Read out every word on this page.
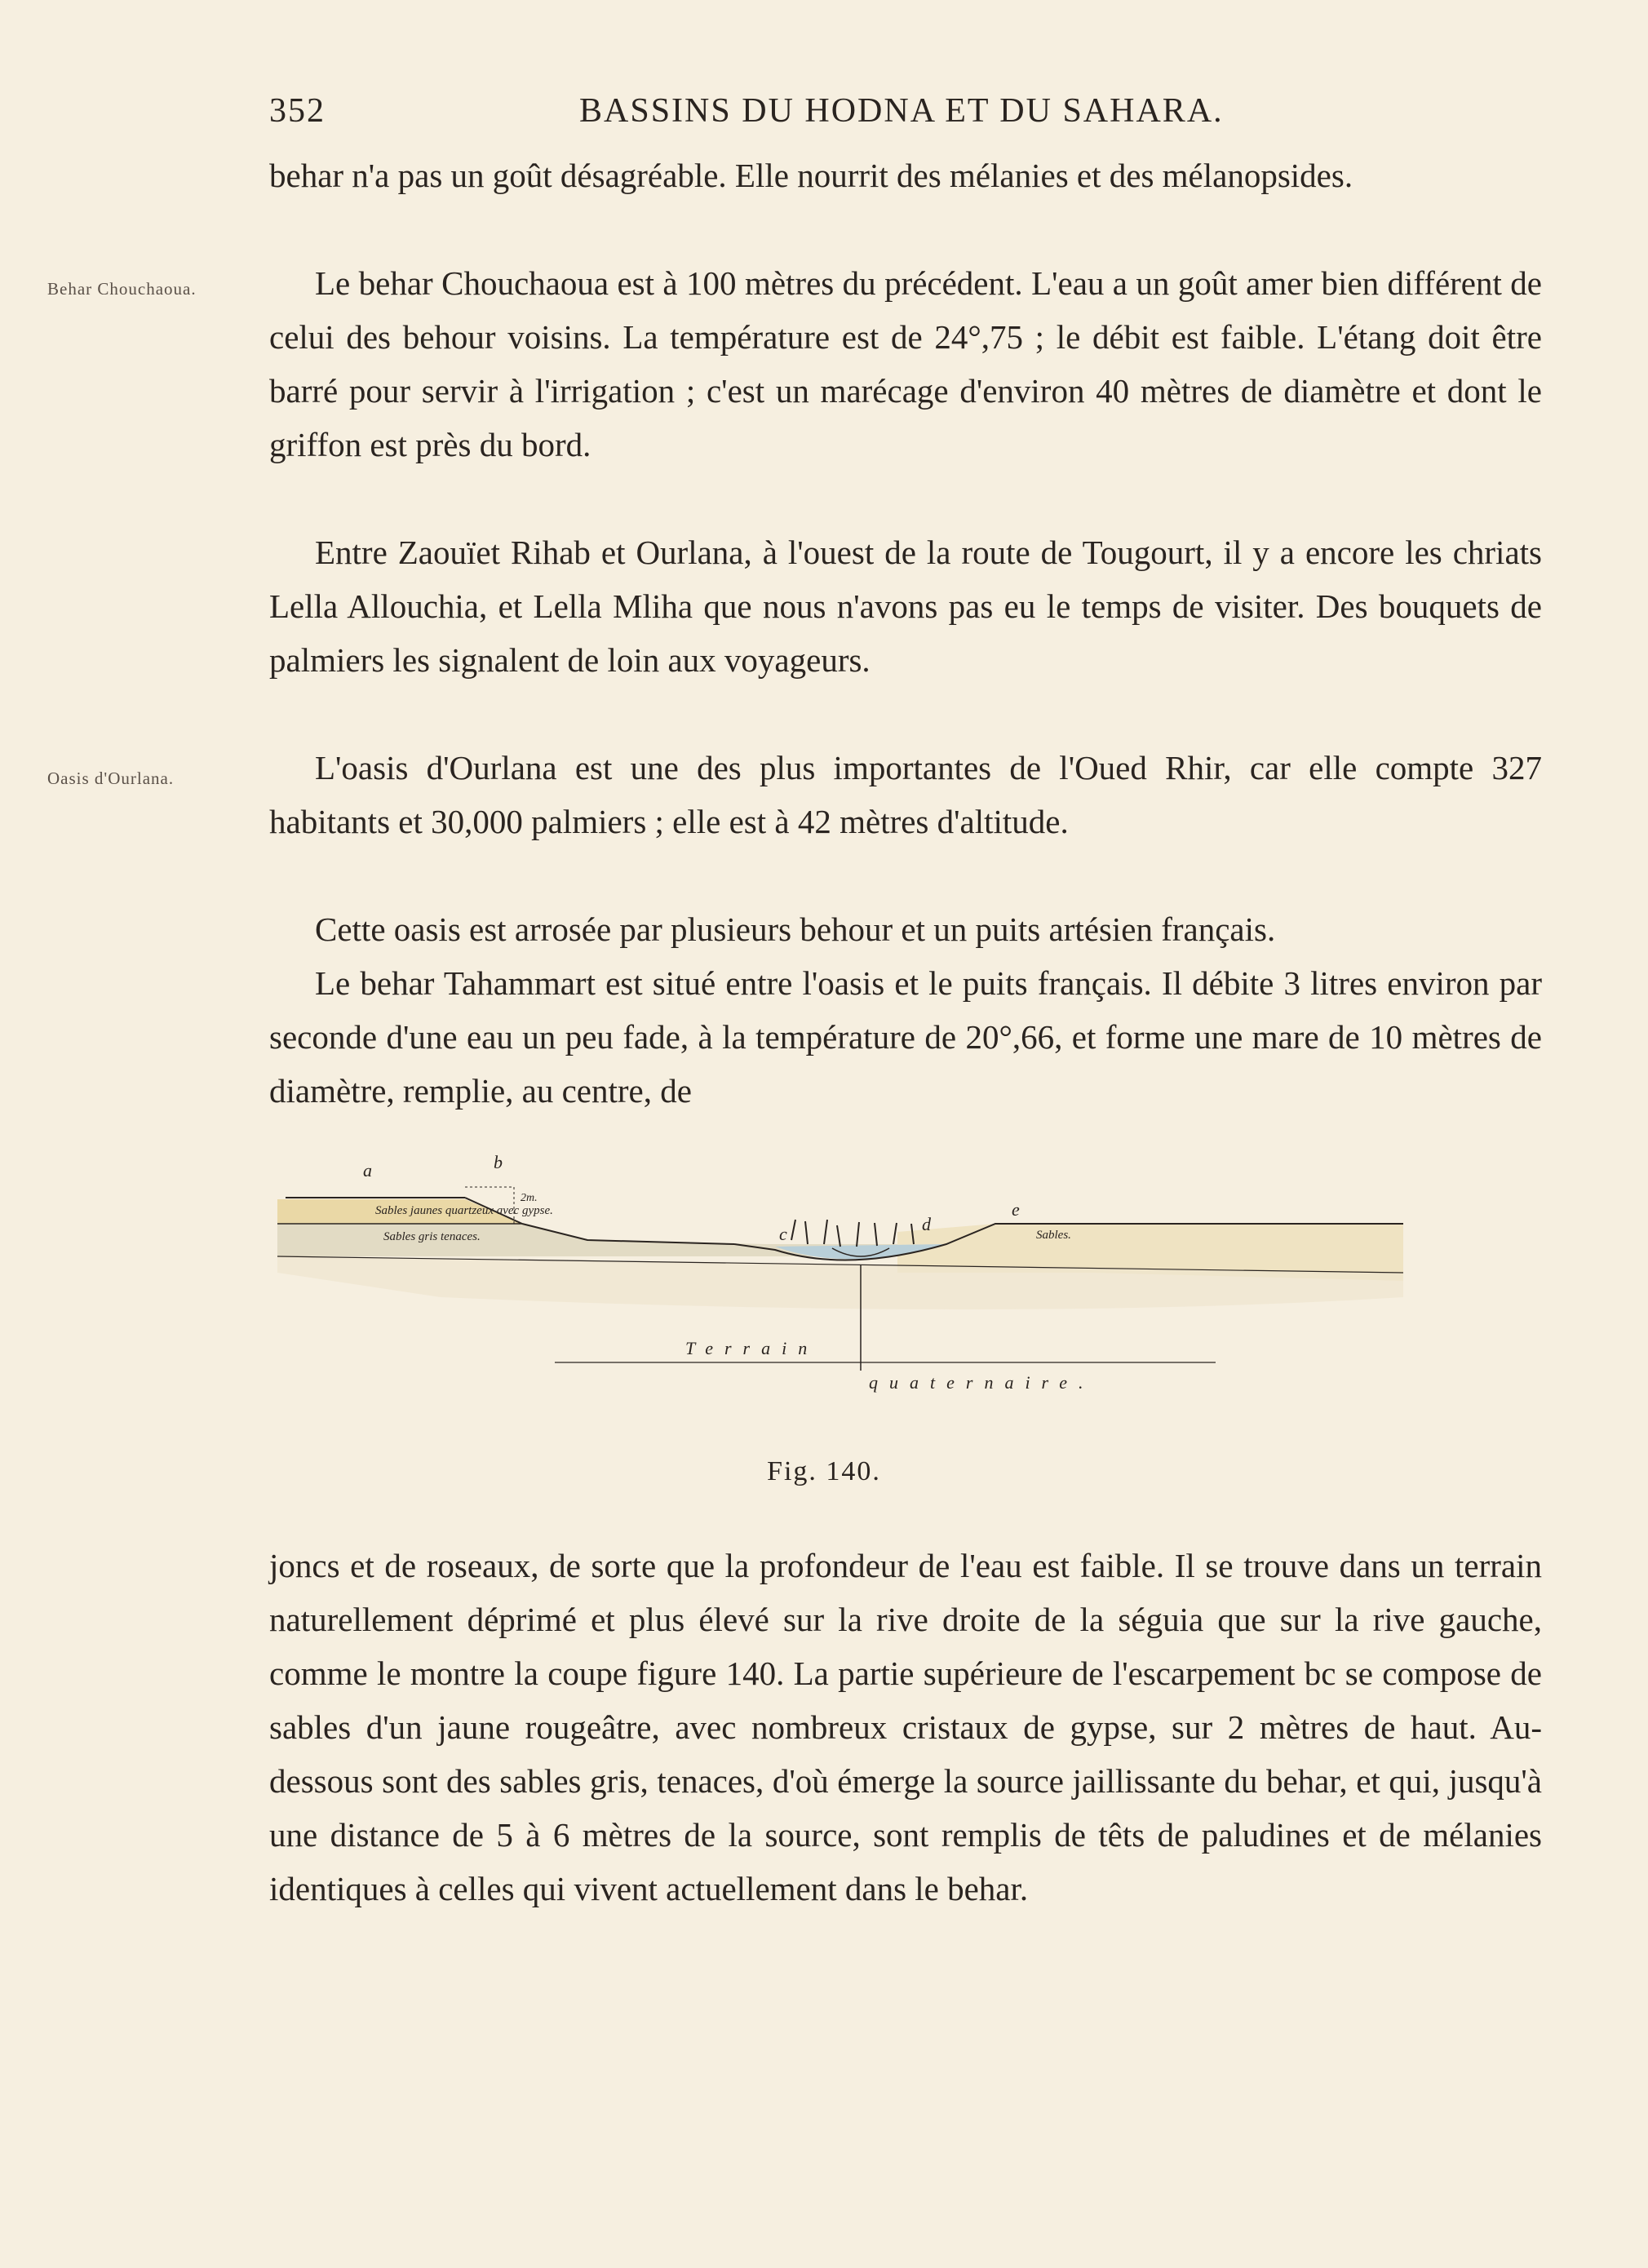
352	BASSINS DU HODNA ET DU SAHARA.
Behar Chouchaoua.
Oasis d'Ourlana.

behar n'a pas un goût désagréable. Elle nourrit des mélanies et des mélanopsides.

Le behar Chouchaoua est à 100 mètres du précédent. L'eau a un goût amer bien différent de celui des behour voisins. La température est de 24°,75 ; le débit est faible. L'étang doit être barré pour servir à l'irrigation ; c'est un marécage d'environ 40 mètres de diamètre et dont le griffon est près du bord.

Entre Zaouïet Rihab et Ourlana, à l'ouest de la route de Tougourt, il y a encore les chriats Lella Allouchia, et Lella Mliha que nous n'avons pas eu le temps de visiter. Des bouquets de palmiers les signalent de loin aux voyageurs.

L'oasis d'Ourlana est une des plus importantes de l'Oued Rhir, car elle compte 327 habitants et 30,000 palmiers ; elle est à 42 mètres d'altitude.

Cette oasis est arrosée par plusieurs behour et un puits artésien français.

Le behar Tahammart est situé entre l'oasis et le puits français. Il débite 3 litres environ par seconde d'une eau un peu fade, à la température de 20°,66, et forme une mare de 10 mètres de diamètre, remplie, au centre, de

a	b
c	d
e
2m.
Sables jaunes quartzeux avec gypse.
Sables gris tenaces.	Sables.
Terrain
quaternaire.
Fig. 140.

joncs et de roseaux, de sorte que la profondeur de l'eau est faible. Il se trouve dans un terrain naturellement déprimé et plus élevé sur la rive droite de la séguia que sur la rive gauche, comme le montre la coupe figure 140. La partie supérieure de l'escarpement bc se compose de sables d'un jaune rougeâtre, avec nombreux cristaux de gypse, sur 2 mètres de haut. Au-dessous sont des sables gris, tenaces, d'où émerge la source jaillissante du behar, et qui, jusqu'à une distance de 5 à 6 mètres de la source, sont remplis de têts de paludines et de mélanies identiques à celles qui vivent actuellement dans le behar.
